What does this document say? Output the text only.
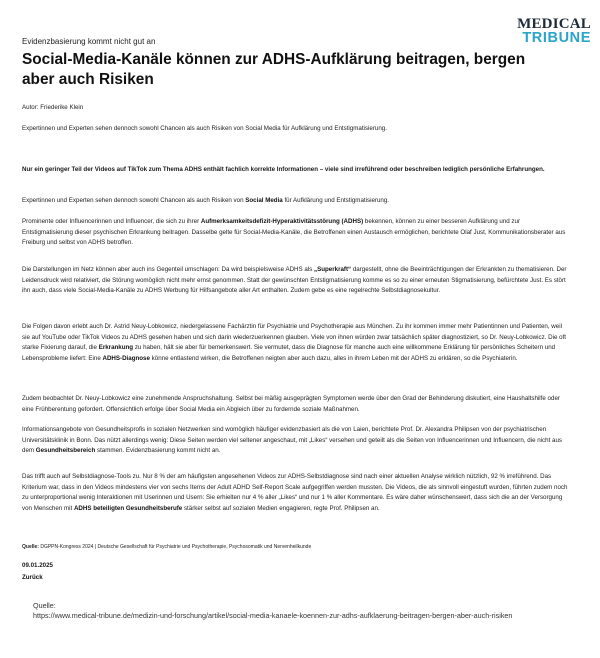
MEDICAL
TRIBUNE
Evidenzbasierung kommt nicht gut an
Social-Media-Kanäle können zur ADHS-Aufklärung beitragen, bergen aber auch Risiken
Autor: Friederike Klein
Expertinnen und Experten sehen dennoch sowohl Chancen als auch Risiken von Social Media für Aufklärung und Entstigmatisierung.

Nur ein geringer Teil der Videos auf TikTok zum Thema ADHS enthält fachlich korrekte Informationen – viele sind irreführend oder beschreiben lediglich persönliche Erfahrungen.

Expertinnen und Experten sehen dennoch sowohl Chancen als auch Risiken von Social Media für Aufklärung und Entstigmatisierung.

Prominente oder Influencerinnen und Influencer, die sich zu ihrer Aufmerksamkeitsdefizit-Hyperaktivitätsstörung (ADHS) bekennen, können zu einer besseren Aufklärung und zur Entstigmatisierung dieser psychischen Erkrankung beitragen. Dasselbe gelte für Social-Media-Kanäle, die Betroffenen einen Austausch ermöglichen, berichtete Olaf Just, Kommunikationsberater aus Freiburg und selbst von ADHS betroffen.

Die Darstellungen im Netz können aber auch ins Gegenteil umschlagen: Da wird beispielsweise ADHS als „Superkraft“ dargestellt, ohne die Beeinträchtigungen der Erkrankten zu thematisieren. Der Leidensdruck wird relativiert, die Störung womöglich nicht mehr ernst genommen. Statt der gewünschten Entstigmatisierung komme es so zu einer erneuten Stigmatisierung, befürchtete Just. Es stört ihn auch, dass viele Social-Media-Kanäle zu ADHS Werbung für Hilfsangebote aller Art enthalten. Zudem gebe es eine regelrechte Selbstdiagnosekultur.

Die Folgen davon erlebt auch Dr. Astrid Neuy-Lobkowicz, niedergelassene Fachärztin für Psychiatrie und Psychotherapie aus München. Zu ihr kommen immer mehr Patientinnen und Patienten, weil sie auf YouTube oder TikTok Videos zu ADHS gesehen haben und sich darin wiederzuerkennen glauben. Viele von ihnen würden zwar tatsächlich später diagnostiziert, so Dr. Neuy-Lobkowicz. Die oft starke Fixierung darauf, die Erkrankung zu haben, hält sie aber für bemerkenswert. Sie vermutet, dass die Diagnose für manche auch eine willkommene Erklärung für persönliches Scheitern und Lebensprobleme liefert: Eine ADHS-Diagnose könne entlastend wirken, die Betroffenen neigten aber auch dazu, alles in ihrem Leben mit der ADHS zu erklären, so die Psychiaterin.

Zudem beobachtet Dr. Neuy-Lobkowicz eine zunehmende Anspruchshaltung. Selbst bei mäßig ausgeprägten Symptomen werde über den Grad der Behinderung diskutiert, eine Haushaltshilfe oder eine Frühberentung gefordert. Offensichtlich erfolge über Social Media ein Abgleich über zu fordernde soziale Maßnahmen.

Informationsangebote von Gesundheitsprofis in sozialen Netzwerken sind womöglich häufiger evidenzbasiert als die von Laien, berichtete Prof. Dr. Alexandra Philipsen von der psychiatrischen Universitätsklinik in Bonn. Das nützt allerdings wenig: Diese Seiten werden viel seltener angeschaut, mit „Likes“ versehen und geteilt als die Seiten von Influencerinnen und Influencern, die nicht aus dem Gesundheitsbereich stammen. Evidenzbasierung kommt nicht an.

Das trifft auch auf Selbstdiagnose-Tools zu. Nur 8 % der am häufigsten angesehenen Videos zur ADHS-Selbstdiagnose sind nach einer aktuellen Analyse wirklich nützlich, 92 % irreführend. Das Kriterium war, dass in den Videos mindestens vier von sechs Items der Adult ADHD Self-Report Scale aufgegriffen werden mussten. Die Videos, die als sinnvoll eingestuft wurden, führten zudem noch zu unterproportional wenig Interaktionen mit Userinnen und Usern: Sie erhielten nur 4 % aller „Likes“ und nur 1 % aller Kommentare. Es wäre daher wünschenswert, dass sich die an der Versorgung von Menschen mit ADHS beteiligten Gesundheitsberufe stärker selbst auf sozialen Medien engagieren, regte Prof. Philipsen an.

Quelle: DGPPN-Kongress 2024 | Deutsche Gesellschaft für Psychiatrie und Psychotherapie, Psychosomatik und Nervenheilkunde
09.01.2025
Zurück
Quelle:
https://www.medical-tribune.de/medizin-und-forschung/artikel/social-media-kanaele-koennen-zur-adhs-aufklaerung-beitragen-bergen-aber-auch-risiken
